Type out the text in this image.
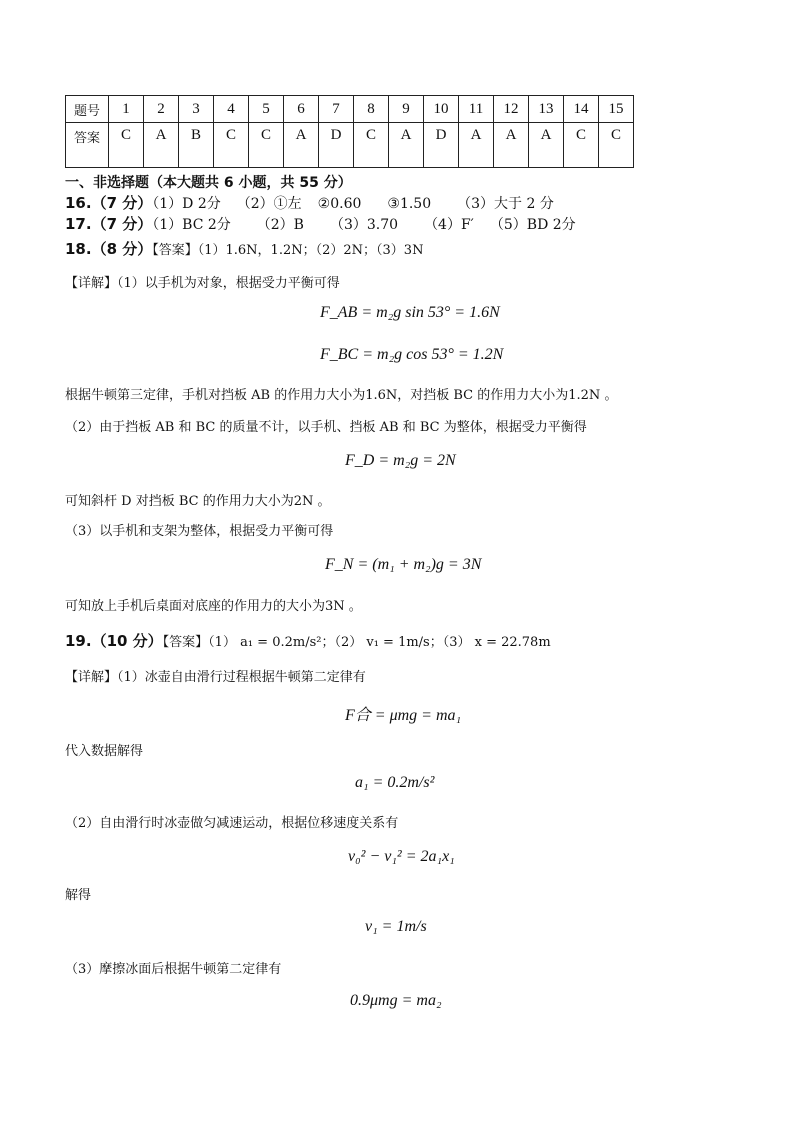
题号	1	2	3	4	5	6	7	8	9	10	11	12	13	14	15
答案	C	A	B	C	C	A	D	C	A	D	A	A	A	C	C
一、非选择题（本大题共 6 小题，共 55 分）
16.（7 分）（1）D 2分 （2）①左 ②0.60 ③1.50 （3）大于 2 分
17.（7 分）（1）BC 2分 （2）B （3）3.70 （4）F′ （5）BD 2分
18.（8 分）【答案】（1）1.6N，1.2N；（2）2N；（3）3N
【详解】（1）以手机为对象，根据受力平衡可得
F_AB = m₂g sin 53° = 1.6N
F_BC = m₂g cos 53° = 1.2N
根据牛顿第三定律，手机对挡板 AB 的作用力大小为1.6N，对挡板 BC 的作用力大小为1.2N 。
（2）由于挡板 AB 和 BC 的质量不计，以手机、挡板 AB 和 BC 为整体，根据受力平衡得
F_D = m₂g = 2N
可知斜杆 D 对挡板 BC 的作用力大小为2N 。
（3）以手机和支架为整体，根据受力平衡可得
F_N = (m₁ + m₂)g = 3N
可知放上手机后桌面对底座的作用力的大小为3N 。
19.（10 分）【答案】（1） a₁ = 0.2m/s²；（2） v₁ = 1m/s；（3） x = 22.78m
【详解】（1）冰壶自由滑行过程根据牛顿第二定律有
F合 = μmg = ma₁
代入数据解得
a₁ = 0.2m/s²
（2）自由滑行时冰壶做匀减速运动，根据位移速度关系有
v₀² − v₁² = 2a₁x₁
解得
v₁ = 1m/s
（3）摩擦冰面后根据牛顿第二定律有
0.9μmg = ma₂
